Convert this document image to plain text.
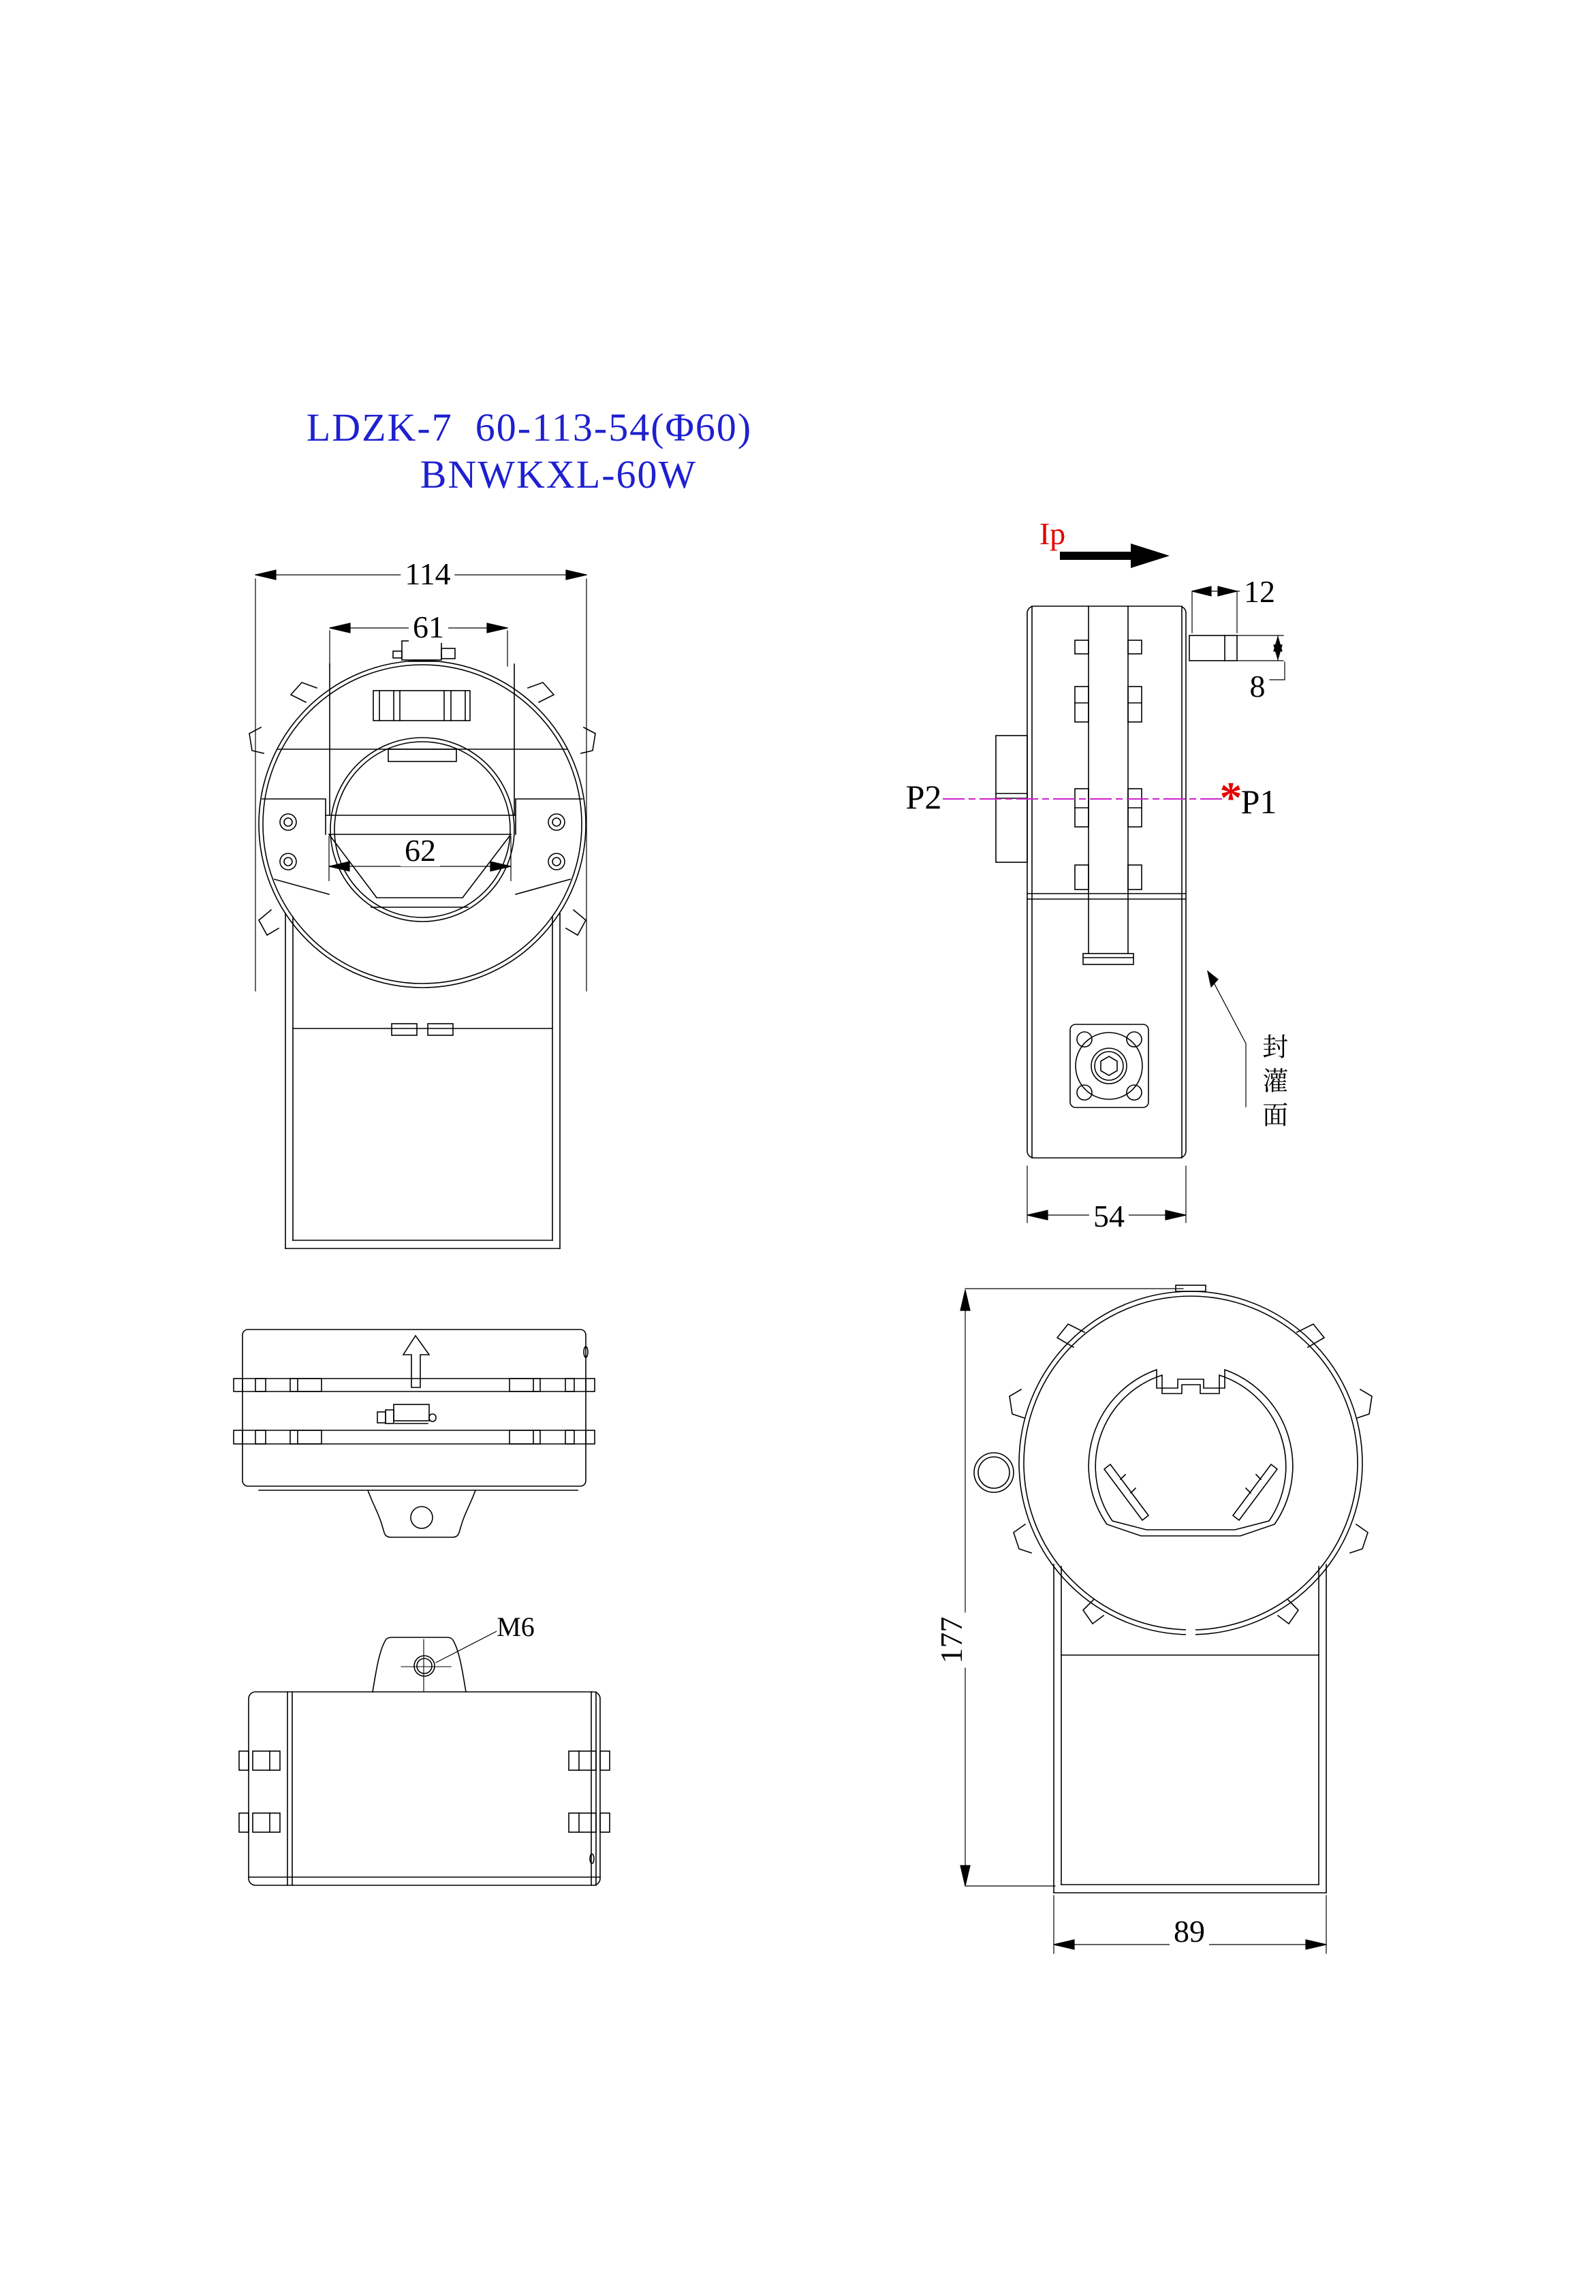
LDZK-7  60-113-54(Φ60)
BNWKXL-60W
114
61
62
Ip
12
8
P2	*
P1
54
封灌面
M6	177
89
